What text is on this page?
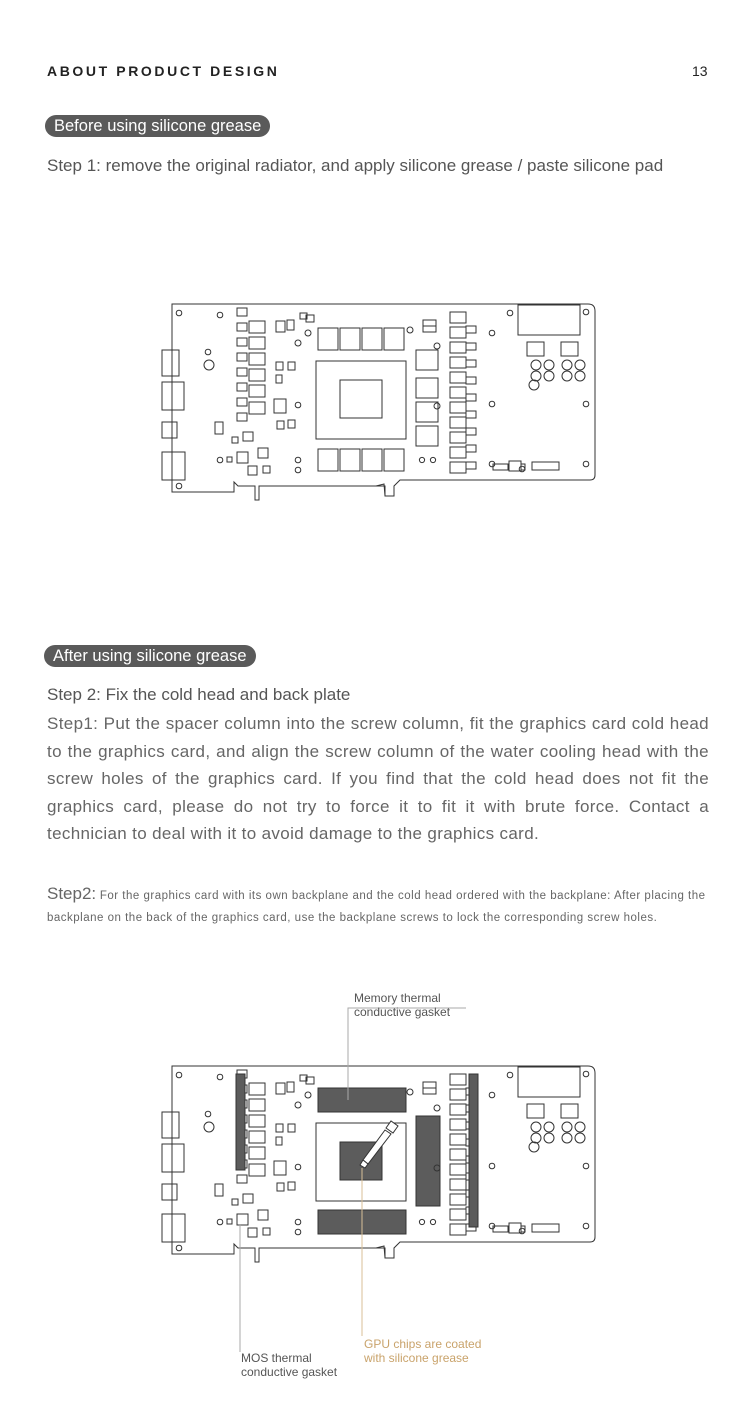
ABOUT PRODUCT DESIGN	13
Before using silicone grease
Step 1: remove the original radiator, and apply silicone grease / paste silicone pad
After using silicone grease
Step 2: Fix the cold head and back plate
Step1: Put the spacer column into the screw column, fit the graphics card cold head to the graphics card, and align the screw column of the water cooling head with the screw holes of the graphics card. If you find that the cold head does not fit the graphics card, please do not try to force it to fit it with brute force. Contact a technician to deal with it to avoid damage to the graphics card.
Step2: For the graphics card with its own backplane and the cold head ordered with the backplane: After placing the backplane on the back of the graphics card, use the backplane screws to lock the corresponding screw holes.
Memory thermal
conductive gasket
MOS thermal
conductive gasket
GPU chips are coated
with silicone grease
